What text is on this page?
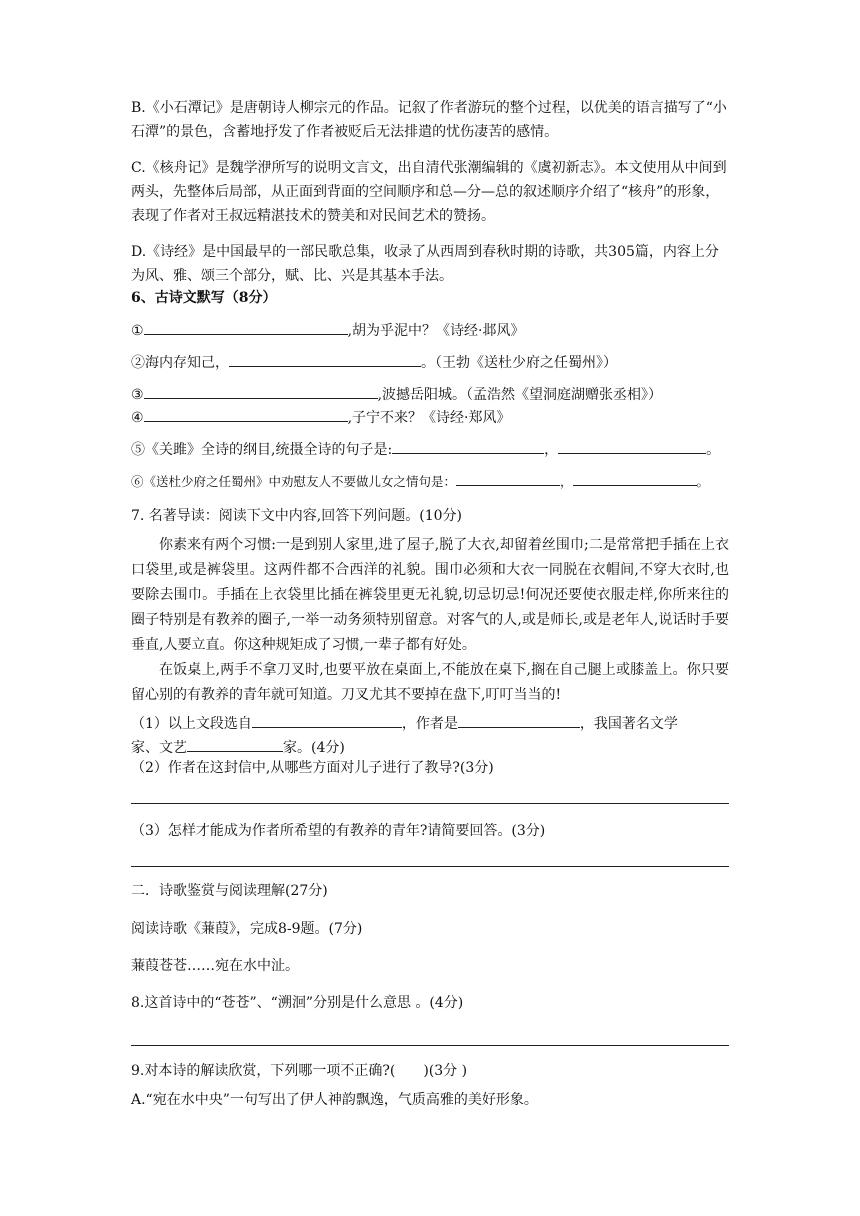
B.《小石潭记》是唐朝诗人柳宗元的作品。记叙了作者游玩的整个过程，以优美的语言描写了“小石潭”的景色，含蓄地抒发了作者被贬后无法排遣的忧伤凄苦的感情。

C.《核舟记》是魏学洢所写的说明文言文，出自清代张潮编辑的《虞初新志》。本文使用从中间到两头，先整体后局部，从正面到背面的空间顺序和总—分—总的叙述顺序介绍了“核舟”的形象，表现了作者对王叔远精湛技术的赞美和对民间艺术的赞扬。

D.《诗经》是中国最早的一部民歌总集，收录了从西周到春秋时期的诗歌，共305篇，内容上分为风、雅、颂三个部分，赋、比、兴是其基本手法。

6、古诗文默写（8分）

①	,胡为乎泥中？《诗经·邶风》

②海内存知己，	。（王勃《送杜少府之任蜀州》）

③	,波撼岳阳城。（孟浩然《望洞庭湖赠张丞相》）

④	,子宁不来？《诗经·郑风》

⑤《关雎》全诗的纲目,统摄全诗的句子是:	，	。

⑥《送杜少府之任蜀州》中劝慰友人不要做儿女之情句是：	，	。

7. 名著导读：阅读下文中内容,回答下列问题。(10分)

你素来有两个习惯:一是到别人家里,进了屋子,脱了大衣,却留着丝围巾;二是常常把手插在上衣口袋里,或是裤袋里。这两件都不合西洋的礼貌。围巾必须和大衣一同脱在衣帽间,不穿大衣时,也要除去围巾。手插在上衣袋里比插在裤袋里更无礼貌,切忌切忌!何况还要使衣服走样,你所来往的圈子特别是有教养的圈子,一举一动务须特别留意。对客气的人,或是师长,或是老年人,说话时手要垂直,人要立直。你这种规矩成了习惯,一辈子都有好处。

在饭桌上,两手不拿刀叉时,也要平放在桌面上,不能放在桌下,搁在自己腿上或膝盖上。你只要留心别的有教养的青年就可知道。刀叉尤其不要掉在盘下,叮叮当当的!

（1）以上文段选自	，作者是	，我国著名文学

家、文艺	家。(4分)

（2）作者在这封信中,从哪些方面对儿子进行了教导?(3分)

（3）怎样才能成为作者所希望的有教养的青年?请简要回答。(3分)

二．诗歌鉴赏与阅读理解(27分)

阅读诗歌《蒹葭》，完成8-9题。(7分)

蒹葭苍苍……宛在水中沚。

8.这首诗中的“苍苍”、“溯洄”分别是什么意思 。(4分)

9.对本诗的解读欣赏，下列哪一项不正确?(　　)(3分 )

A.“宛在水中央”一句写出了伊人神韵飘逸，气质高雅的美好形象。
